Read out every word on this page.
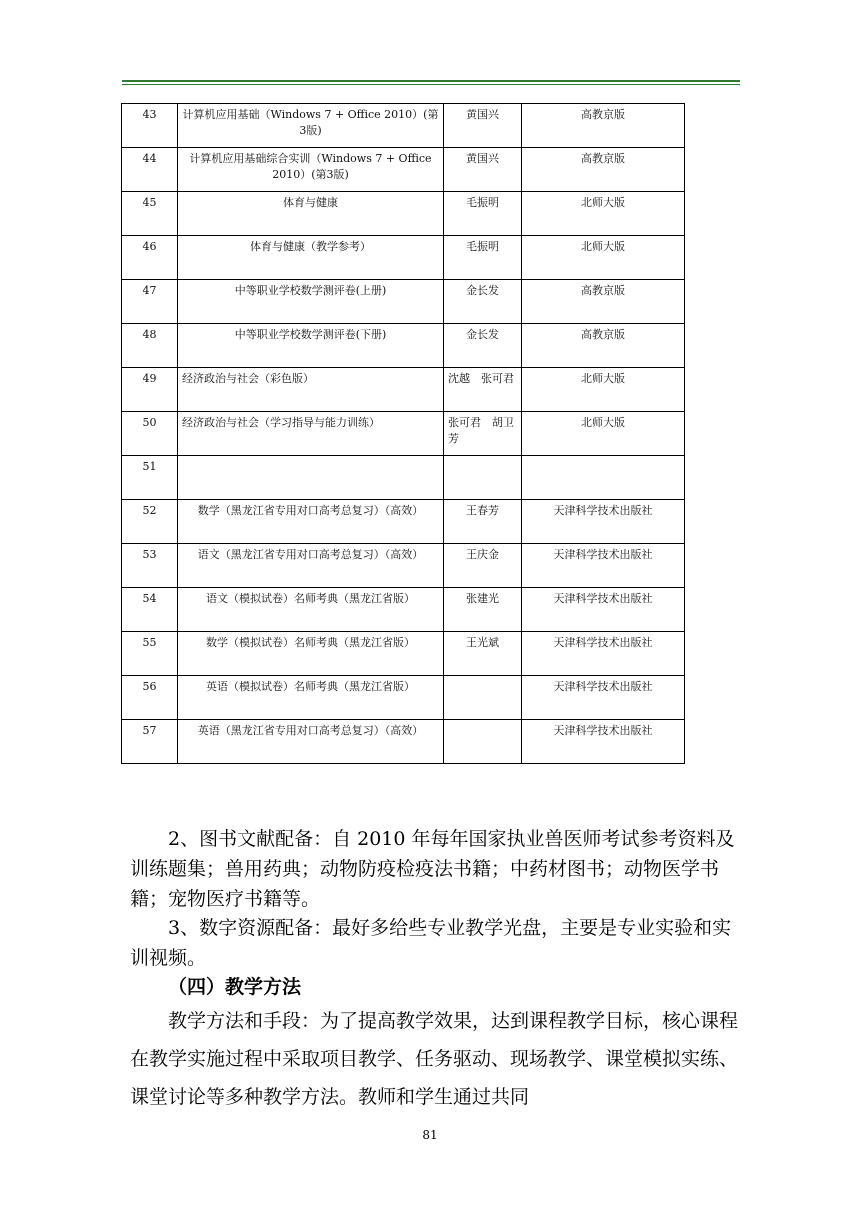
43	计算机应用基础（Windows 7 + Office 2010）(第3版)	黄国兴	高教京版
44	计算机应用基础综合实训（Windows 7 + Office 2010）(第3版)	黄国兴	高教京版
45	体育与健康	毛振明	北师大版
46	体育与健康（教学参考）	毛振明	北师大版
47	中等职业学校数学测评卷(上册)	金长发	高教京版
48	中等职业学校数学测评卷(下册)	金长发	高教京版
49	经济政治与社会（彩色版）	沈越　张可君	北师大版
50	经济政治与社会（学习指导与能力训练）	张可君　胡卫芳	北师大版
51			
52	数学（黑龙江省专用对口高考总复习）（高效）	王春芳	天津科学技术出版社
53	语文（黑龙江省专用对口高考总复习）（高效）	王庆金	天津科学技术出版社
54	语文（模拟试卷）名师考典（黑龙江省版）	张建光	天津科学技术出版社
55	数学（模拟试卷）名师考典（黑龙江省版）	王光斌	天津科学技术出版社
56	英语（模拟试卷）名师考典（黑龙江省版）		天津科学技术出版社
57	英语（黑龙江省专用对口高考总复习）（高效）		天津科学技术出版社
2、图书文献配备：自 2010 年每年国家执业兽医师考试参考资料及训练题集；兽用药典；动物防疫检疫法书籍；中药材图书；动物医学书籍；宠物医疗书籍等。
3、数字资源配备：最好多给些专业教学光盘，主要是专业实验和实训视频。
（四）教学方法
教学方法和手段：为了提高教学效果，达到课程教学目标，核心课程在教学实施过程中采取项目教学、任务驱动、现场教学、课堂模拟实练、课堂讨论等多种教学方法。教师和学生通过共同
81
